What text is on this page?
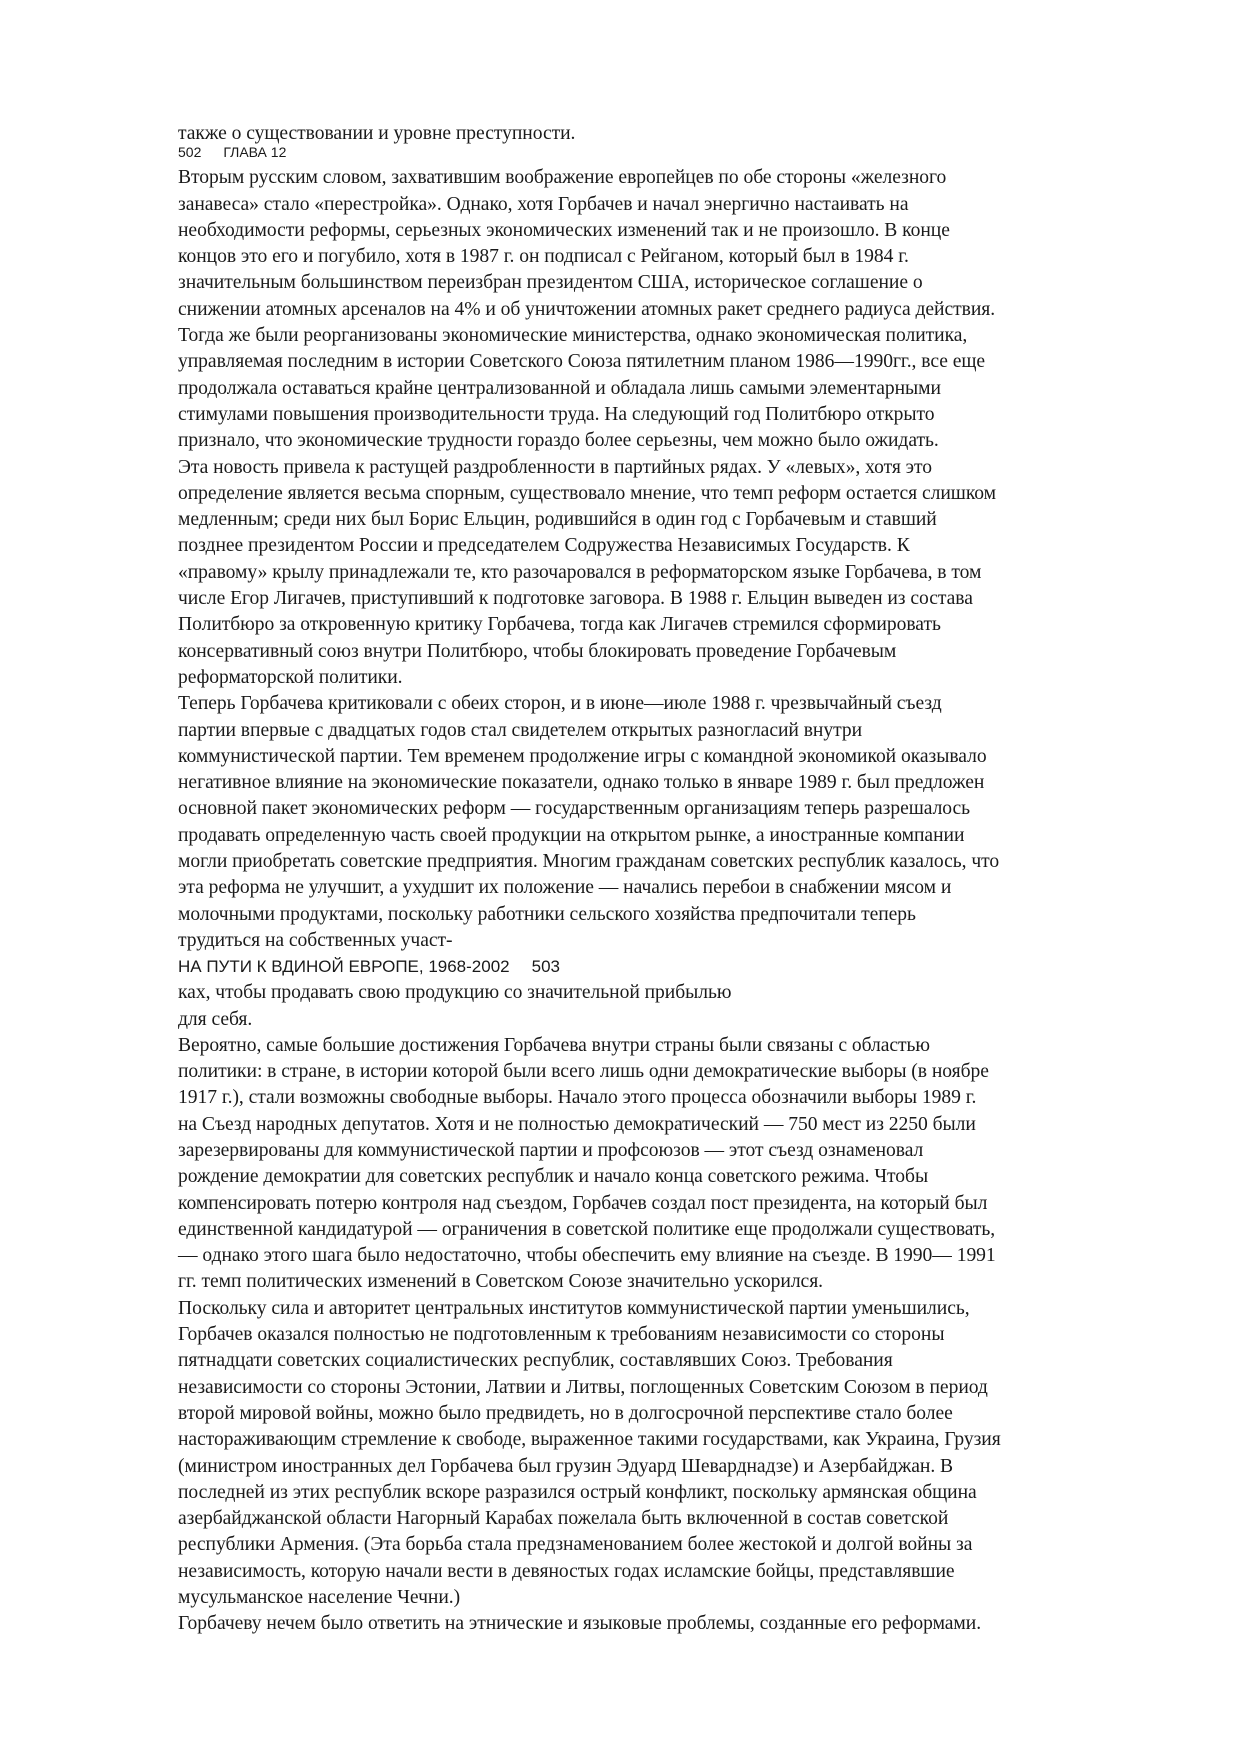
также о существовании и уровне преступности.
502 ГЛАВА 12
Вторым русским словом, захватившим воображение европейцев по обе стороны «железного
занавеса» стало «перестройка». Однако, хотя Горбачев и начал энергично настаивать на
необходимости реформы, серьезных экономических изменений так и не произошло. В конце
концов это его и погубило, хотя в 1987 г. он подписал с Рейганом, который был в 1984 г.
значительным большинством переизбран президентом США, историческое соглашение о
снижении атомных арсеналов на 4% и об уничтожении атомных ракет среднего радиуса действия.
Тогда же были реорганизованы экономические министерства, однако экономическая политика,
управляемая последним в истории Советского Союза пятилетним планом 1986—1990гг., все еще
продолжала оставаться крайне централизованной и обладала лишь самыми элементарными
стимулами повышения производительности труда. На следующий год Политбюро открыто
признало, что экономические трудности гораздо более серьезны, чем можно было ожидать.
Эта новость привела к растущей раздробленности в партийных рядах. У «левых», хотя это
определение является весьма спорным, существовало мнение, что темп реформ остается слишком
медленным; среди них был Борис Ельцин, родившийся в один год с Горбачевым и ставший
позднее президентом России и председателем Содружества Независимых Государств. К
«правому» крылу принадлежали те, кто разочаровался в реформаторском языке Горбачева, в том
числе Егор Лигачев, приступивший к подготовке заговора. В 1988 г. Ельцин выведен из состава
Политбюро за откровенную критику Горбачева, тогда как Лигачев стремился сформировать
консервативный союз внутри Политбюро, чтобы блокировать проведение Горбачевым
реформаторской политики.
Теперь Горбачева критиковали с обеих сторон, и в июне—июле 1988 г. чрезвычайный съезд
партии впервые с двадцатых годов стал свидетелем открытых разногласий внутри
коммунистической партии. Тем временем продолжение игры с командной экономикой оказывало
негативное влияние на экономические показатели, однако только в январе 1989 г. был предложен
основной пакет экономических реформ — государственным организациям теперь разрешалось
продавать определенную часть своей продукции на открытом рынке, а иностранные компании
могли приобретать советские предприятия. Многим гражданам советских республик казалось, что
эта реформа не улучшит, а ухудшит их положение — начались перебои в снабжении мясом и
молочными продуктами, поскольку работники сельского хозяйства предпочитали теперь
трудиться на собственных участ-
НА ПУТИ К ВДИНОЙ ЕВРОПЕ, 1968-2002 503
ках, чтобы продавать свою продукцию со значительной прибылью
для себя.
Вероятно, самые большие достижения Горбачева внутри страны были связаны с областью
политики: в стране, в истории которой были всего лишь одни демократические выборы (в ноябре
1917 г.), стали возможны свободные выборы. Начало этого процесса обозначили выборы 1989 г.
на Съезд народных депутатов. Хотя и не полностью демократический — 750 мест из 2250 были
зарезервированы для коммунистической партии и профсоюзов — этот съезд ознаменовал
рождение демократии для советских республик и начало конца советского режима. Чтобы
компенсировать потерю контроля над съездом, Горбачев создал пост президента, на который был
единственной кандидатурой — ограничения в советской политике еще продолжали существовать,
— однако этого шага было недостаточно, чтобы обеспечить ему влияние на съезде. В 1990— 1991
гг. темп политических изменений в Советском Союзе значительно ускорился.
Поскольку сила и авторитет центральных институтов коммунистической партии уменьшились,
Горбачев оказался полностью не подготовленным к требованиям независимости со стороны
пятнадцати советских социалистических республик, составлявших Союз. Требования
независимости со стороны Эстонии, Латвии и Литвы, поглощенных Советским Союзом в период
второй мировой войны, можно было предвидеть, но в долгосрочной перспективе стало более
настораживающим стремление к свободе, выраженное такими государствами, как Украина, Грузия
(министром иностранных дел Горбачева был грузин Эдуард Шеварднадзе) и Азербайджан. В
последней из этих республик вскоре разразился острый конфликт, поскольку армянская община
азербайджанской области Нагорный Карабах пожелала быть включенной в состав советской
республики Армения. (Эта борьба стала предзнаменованием более жестокой и долгой войны за
независимость, которую начали вести в девяностых годах исламские бойцы, представлявшие
мусульманское население Чечни.)
Горбачеву нечем было ответить на этнические и языковые проблемы, созданные его реформами.
